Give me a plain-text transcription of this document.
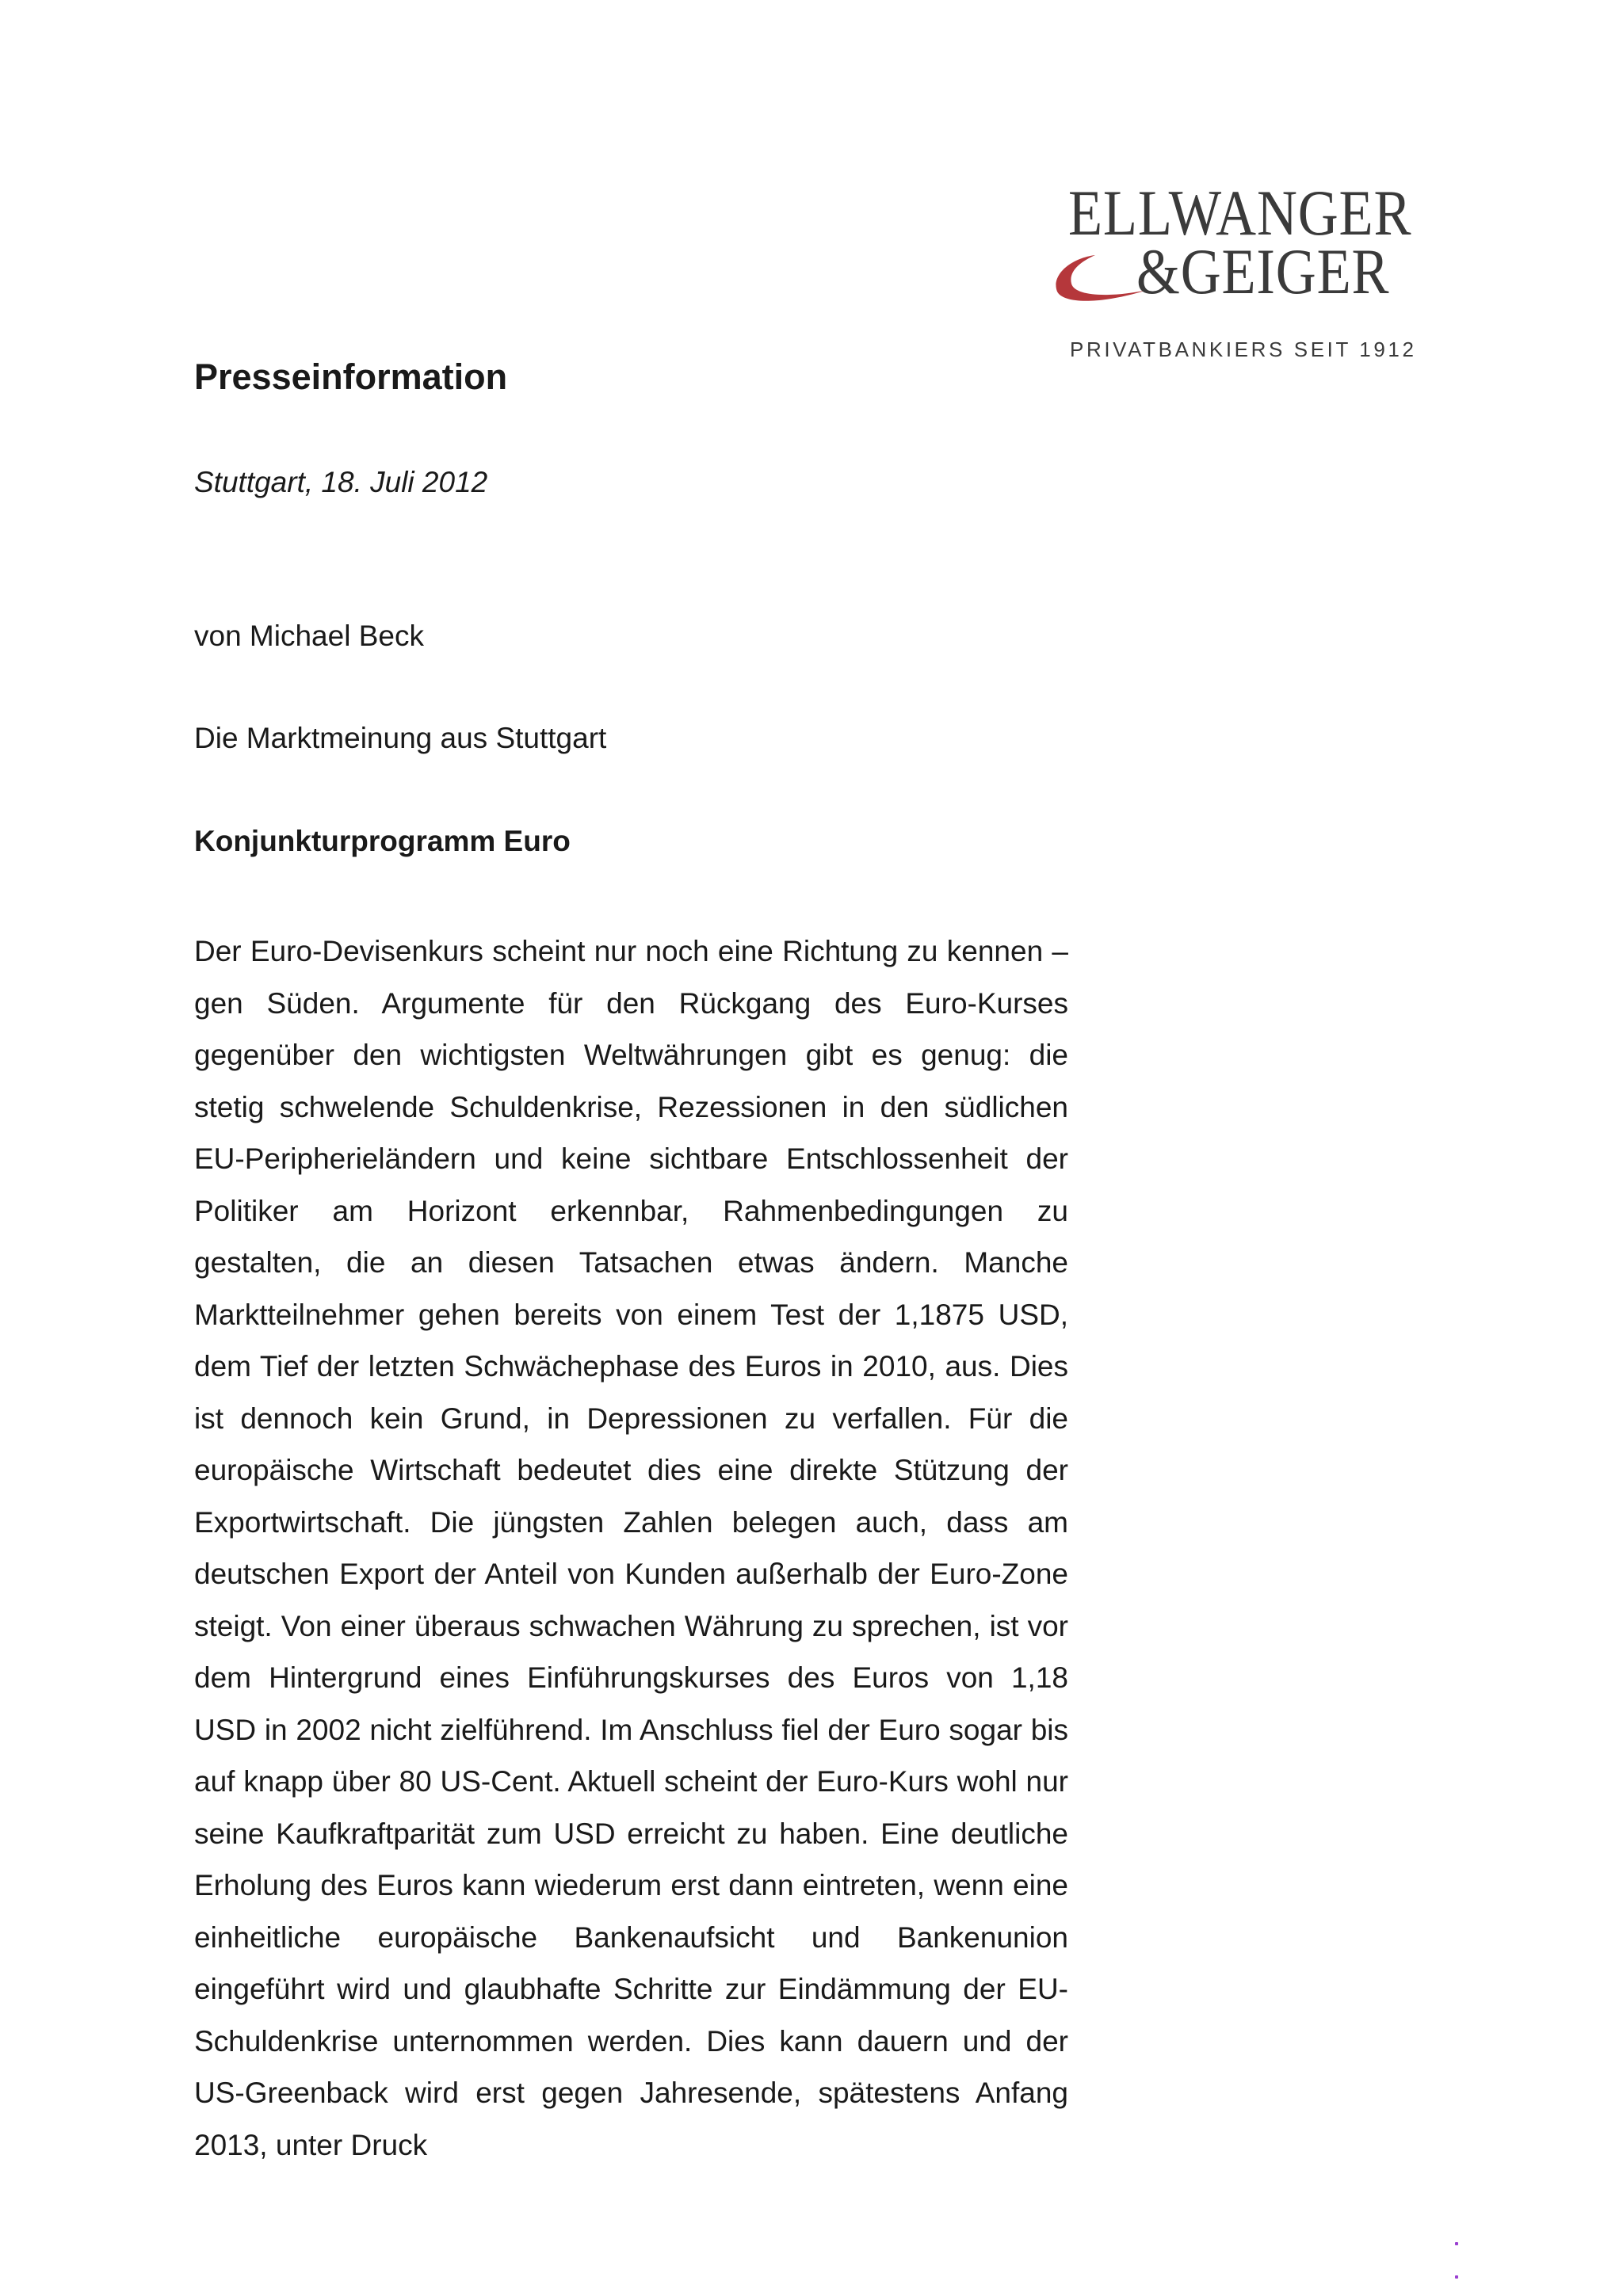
ELLWANGER
&GEIGER
PRIVATBANKIERS SEIT 1912
Presseinformation
Stuttgart, 18. Juli 2012
von Michael Beck
Die Marktmeinung aus Stuttgart
Konjunkturprogramm Euro

Der Euro-Devisenkurs scheint nur noch eine Richtung zu kennen – gen Süden. Argumente für den Rückgang des Euro-Kurses gegenüber den wichtigsten Weltwährungen gibt es genug: die stetig schwelende Schuldenkrise, Rezessionen in den südlichen EU-Peripherieländern und keine sichtbare Entschlossenheit der Politiker am Horizont erkennbar, Rahmenbedingungen zu gestalten, die an diesen Tatsachen etwas ändern. Manche Marktteilnehmer gehen bereits von einem Test der 1,1875 USD, dem Tief der letzten Schwächephase des Euros in 2010, aus. Dies ist dennoch kein Grund, in Depressionen zu verfallen. Für die europäische Wirtschaft bedeutet dies eine direkte Stützung der Exportwirtschaft. Die jüngsten Zahlen belegen auch, dass am deutschen Export der Anteil von Kunden außerhalb der Euro-Zone steigt. Von einer überaus schwachen Währung zu sprechen, ist vor dem Hintergrund eines Einführungskurses des Euros von 1,18 USD in 2002 nicht zielführend. Im Anschluss fiel der Euro sogar bis auf knapp über 80 US-Cent. Aktuell scheint der Euro-Kurs wohl nur seine Kaufkraftparität zum USD erreicht zu haben. Eine deutliche Erholung des Euros kann wiederum erst dann eintreten, wenn eine einheitliche europäische Bankenaufsicht und Bankenunion eingeführt wird und glaubhafte Schritte zur Eindämmung der EU-Schuldenkrise unternommen werden. Dies kann dauern und der US-Greenback wird erst gegen Jahresende, spätestens Anfang 2013, unter Druck
